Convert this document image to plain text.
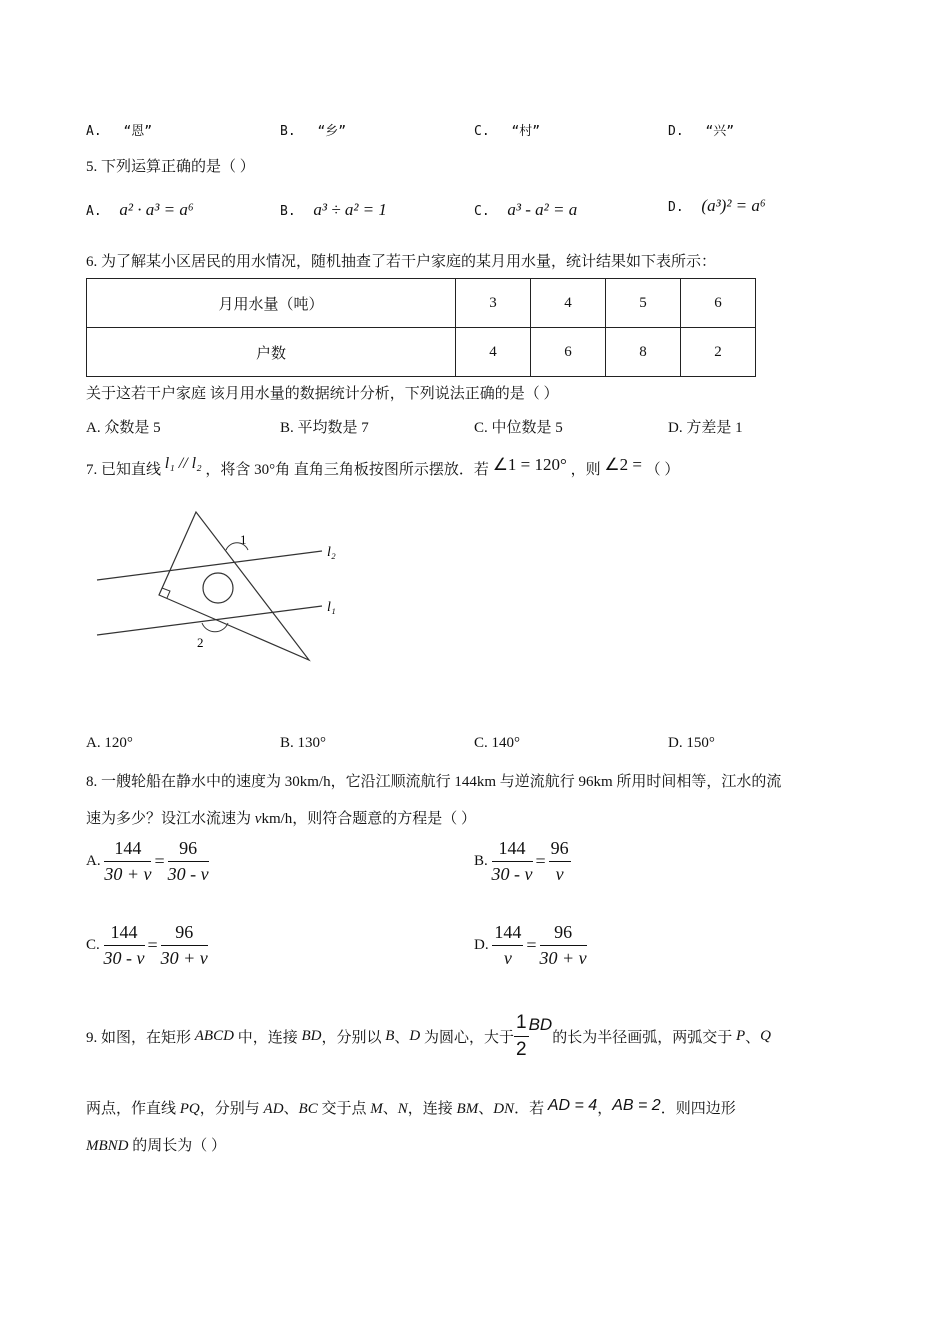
A. “恩”	B. “乡”	C. “村”	D. “兴”
5. 下列运算正确的是（ ）
A. a² · a³ = a⁶	B. a³ ÷ a² = 1	C. a³ - a² = a	D. (a³)² = a⁶
6. 为了解某小区居民的用水情况，随机抽查了若干户家庭的某月用水量，统计结果如下表所示：
月用水量（吨）	3	4	5	6
户数	4	6	8	2
关于这若干户家庭 该月用水量的数据统计分析，下列说法正确的是（ ）
A. 众数是 5	B. 平均数是 7	C. 中位数是 5	D. 方差是 1
7. 已知直线 l₁ // l₂ ，将含 30°角 直角三角板按图所示摆放．若 ∠1 = 120° ，则 ∠2 = （ ）
1
2
l₂
l₁
A. 120°	B. 130°	C. 140°	D. 150°
8. 一艘轮船在静水中的速度为 30km/h，它沿江顺流航行 144km 与逆流航行 96km 所用时间相等，江水的流
速为多少？设江水流速为 vkm/h，则符合题意的方程是（ ）
A. $\frac{144}{30 + v} = \frac{96}{30 - v}$	B. $\frac{144}{30 - v} = \frac{96}{v}$
C. $\frac{144}{30 - v} = \frac{96}{30 + v}$	D. $\frac{144}{v} = \frac{96}{30 + v}$
9. 如图，在矩形 ABCD 中，连接 BD，分别以 B、D 为圆心，大于 $\frac{1}{2}$ BD的长为半径画弧，两弧交于 P、Q
两点，作直线 PQ，分别与 AD、BC 交于点 M、N，连接 BM、DN．若 AD = 4，AB = 2．则四边形
MBND 的周长为（ ）
